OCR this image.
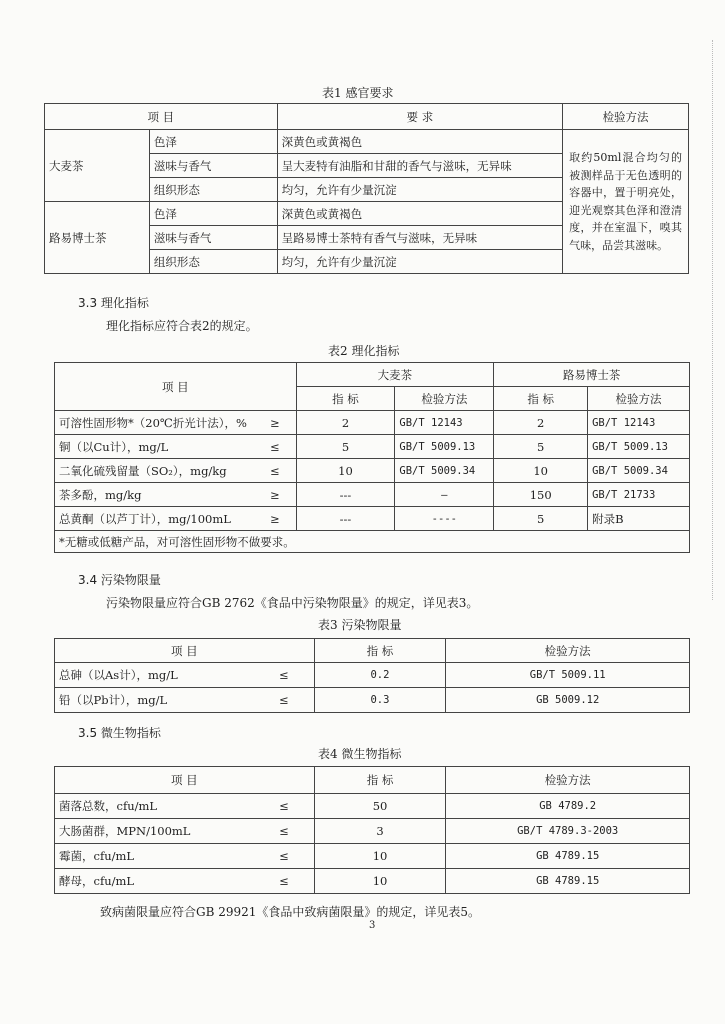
表1 感官要求
项 目		要 求	检验方法
大麦茶	色泽	深黄色或黄褐色	取约50ml混合均匀的被测样品于无色透明的容器中，置于明亮处，迎光观察其色泽和澄清度，并在室温下，嗅其气味，品尝其滋味。
	滋味与香气	呈大麦特有油脂和甘甜的香气与滋味，无异味	
	组织形态	均匀，允许有少量沉淀	
路易博士茶	色泽	深黄色或黄褐色	
	滋味与香气	呈路易博士茶特有香气与滋味，无异味	
	组织形态	均匀，允许有少量沉淀	
3.3 理化指标
理化指标应符合表2的规定。
表2 理化指标
项 目		大麦茶		路易博士茶	
		指 标	检验方法	指 标	检验方法
可溶性固形物*（20℃折光计法），%	≥	2	GB/T 12143	2	GB/T 12143
铜（以Cu计），mg/L	≤	5	GB/T 5009.13	5	GB/T 5009.13
二氧化硫残留量（SO₂），mg/kg	≤	10	GB/T 5009.34	10	GB/T 5009.34
茶多酚，mg/kg	≥	---	—	150	GB/T 21733
总黄酮（以芦丁计），mg/100mL	≥	---	----	5	附录B
*无糖或低糖产品，对可溶性固形物不做要求。					
3.4 污染物限量
污染物限量应符合GB 2762《食品中污染物限量》的规定，详见表3。
表3 污染物限量
项 目		指 标	检验方法
总砷（以As计），mg/L	≤	0.2	GB/T 5009.11
铅（以Pb计），mg/L	≤	0.3	GB 5009.12
3.5 微生物指标
表4 微生物指标
项 目		指 标	检验方法
菌落总数，cfu/mL	≤	50	GB 4789.2
大肠菌群，MPN/100mL	≤	3	GB/T 4789.3-2003
霉菌，cfu/mL	≤	10	GB 4789.15
酵母，cfu/mL	≤	10	GB 4789.15
致病菌限量应符合GB 29921《食品中致病菌限量》的规定，详见表5。
3
